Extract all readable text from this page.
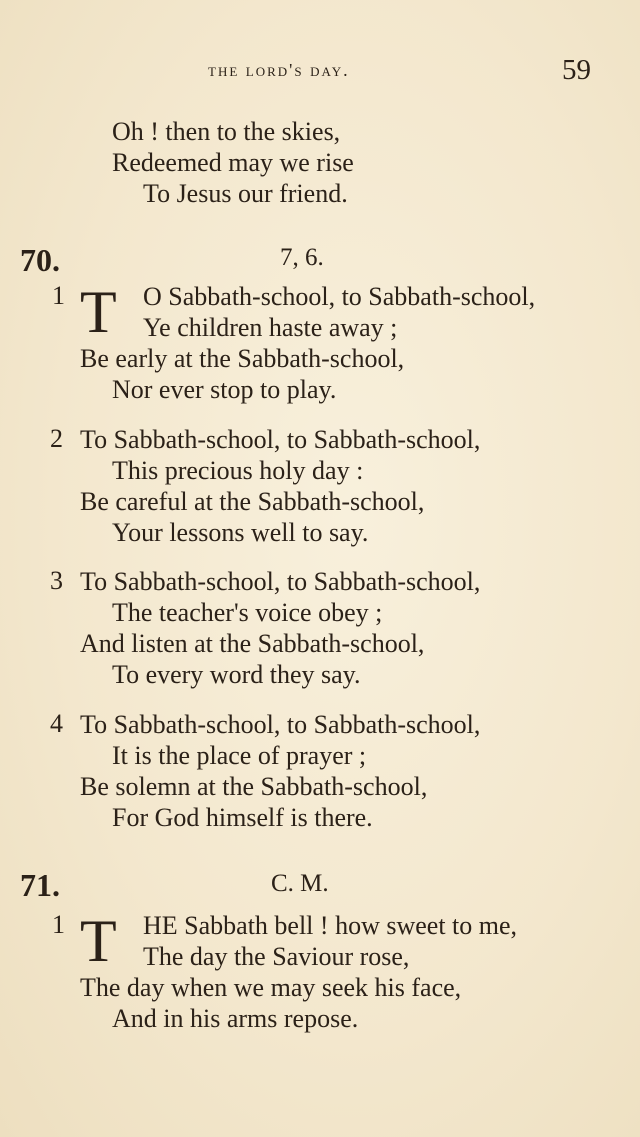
the lord's day.	59
Oh ! then to the skies,
Redeemed may we rise
To Jesus our friend.
70.	7, 6.
1 T O Sabbath-school, to Sabbath-school,
Ye children haste away ;
Be early at the Sabbath-school,
Nor ever stop to play.
2 To Sabbath-school, to Sabbath-school,
This precious holy day :
Be careful at the Sabbath-school,
Your lessons well to say.
3 To Sabbath-school, to Sabbath-school,
The teacher's voice obey ;
And listen at the Sabbath-school,
To every word they say.
4 To Sabbath-school, to Sabbath-school,
It is the place of prayer ;
Be solemn at the Sabbath-school,
For God himself is there.
71.	C. M.
1 T HE Sabbath bell ! how sweet to me,
The day the Saviour rose,
The day when we may seek his face,
And in his arms repose.
